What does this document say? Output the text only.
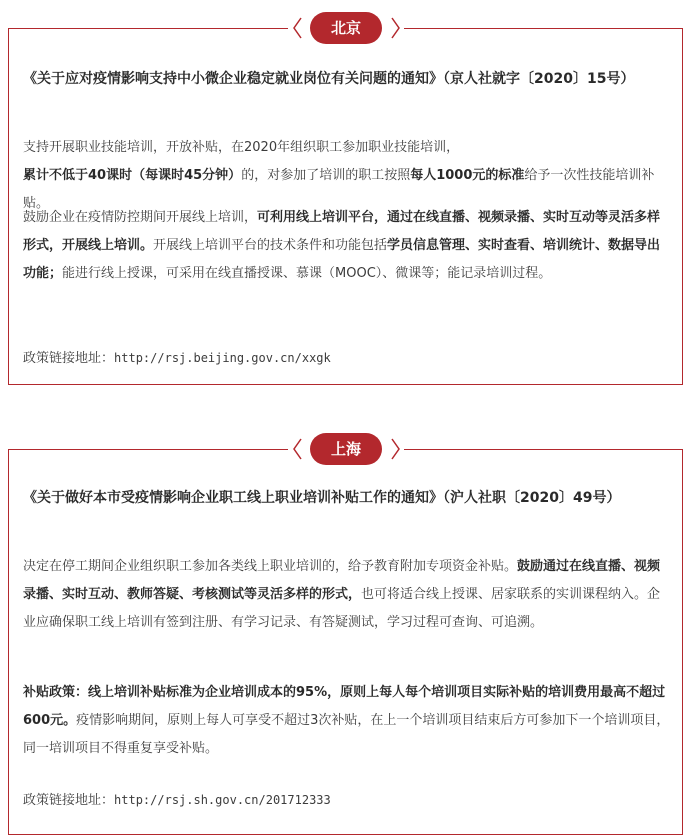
北京
《关于应对疫情影响支持中小微企业稳定就业岗位有关问题的通知》（京人社就字〔2020〕15号）
支持开展职业技能培训，开放补贴，在2020年组织职工参加职业技能培训，累计不低于40课时（每课时45分钟）的，对参加了培训的职工按照每人1000元的标准给予一次性技能培训补贴。
鼓励企业在疫情防控期间开展线上培训，可利用线上培训平台，通过在线直播、视频录播、实时互动等灵活多样形式，开展线上培训。开展线上培训平台的技术条件和功能包括学员信息管理、实时查看、培训统计、数据导出功能；能进行线上授课，可采用在线直播授课、慕课（MOOC）、微课等；能记录培训过程。
政策链接地址：http://rsj.beijing.gov.cn/xxgk
上海
《关于做好本市受疫情影响企业职工线上职业培训补贴工作的通知》（沪人社职〔2020〕49号）
决定在停工期间企业组织职工参加各类线上职业培训的，给予教育附加专项资金补贴。鼓励通过在线直播、视频录播、实时互动、教师答疑、考核测试等灵活多样的形式，也可将适合线上授课、居家联系的实训课程纳入。企业应确保职工线上培训有签到注册、有学习记录、有答疑测试，学习过程可查询、可追溯。
补贴政策：线上培训补贴标准为企业培训成本的95%，原则上每人每个培训项目实际补贴的培训费用最高不超过600元。疫情影响期间，原则上每人可享受不超过3次补贴，在上一个培训项目结束后方可参加下一个培训项目，同一培训项目不得重复享受补贴。
政策链接地址：http://rsj.sh.gov.cn/201712333
